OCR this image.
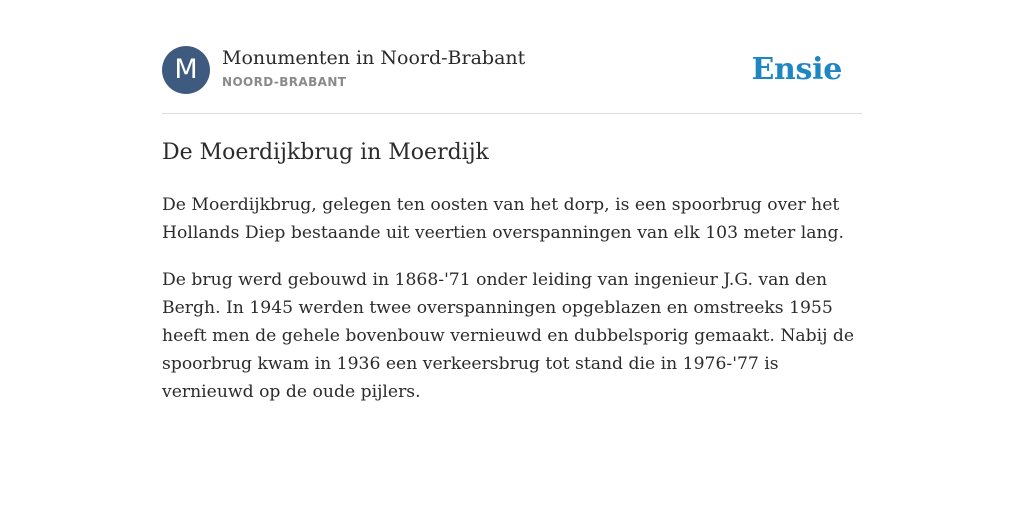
M	Monumenten in Noord-Brabant
NOORD-BRABANT	Ensie
De Moerdijkbrug in Moerdijk

De Moerdijkbrug, gelegen ten oosten van het dorp, is een spoorbrug over het Hollands Diep bestaande uit veertien overspanningen van elk 103 meter lang.

De brug werd gebouwd in 1868-'71 onder leiding van ingenieur J.G. van den Bergh. In 1945 werden twee overspanningen opgeblazen en omstreeks 1955 heeft men de gehele bovenbouw vernieuwd en dubbelsporig gemaakt. Nabij de spoorbrug kwam in 1936 een verkeersbrug tot stand die in 1976-'77 is vernieuwd op de oude pijlers.
